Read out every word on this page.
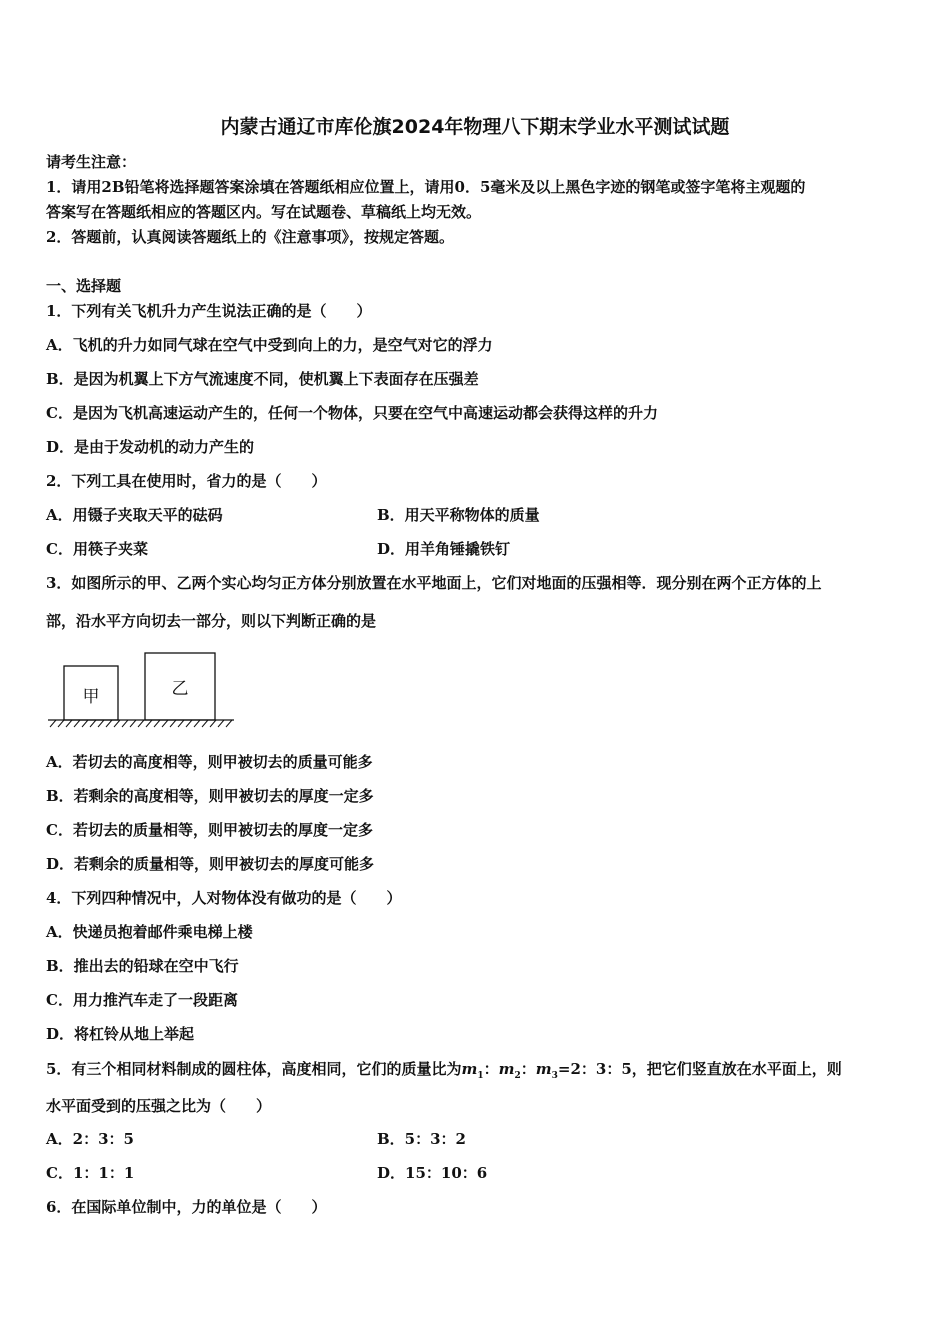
内蒙古通辽市库伦旗2024年物理八下期末学业水平测试试题
请考生注意：
1．请用2B铅笔将选择题答案涂填在答题纸相应位置上，请用0．5毫米及以上黑色字迹的钢笔或签字笔将主观题的
答案写在答题纸相应的答题区内。写在试题卷、草稿纸上均无效。
2．答题前，认真阅读答题纸上的《注意事项》，按规定答题。
一、选择题
1．下列有关飞机升力产生说法正确的是（　　）
A．飞机的升力如同气球在空气中受到向上的力，是空气对它的浮力
B．是因为机翼上下方气流速度不同，使机翼上下表面存在压强差
C．是因为飞机高速运动产生的，任何一个物体，只要在空气中高速运动都会获得这样的升力
D．是由于发动机的动力产生的
2．下列工具在使用时，省力的是（　　）
A．用镊子夹取天平的砝码	B．用天平称物体的质量
C．用筷子夹菜	D．用羊角锤撬铁钉
3．如图所示的甲、乙两个实心均匀正方体分别放置在水平地面上，它们对地面的压强相等．现分别在两个正方体的上
部，沿水平方向切去一部分，则以下判断正确的是
甲	乙
A．若切去的高度相等，则甲被切去的质量可能多
B．若剩余的高度相等，则甲被切去的厚度一定多
C．若切去的质量相等，则甲被切去的厚度一定多
D．若剩余的质量相等，则甲被切去的厚度可能多
4．下列四种情况中，人对物体没有做功的是（　　）
A．快递员抱着邮件乘电梯上楼
B．推出去的铅球在空中飞行
C．用力推汽车走了一段距离
D．将杠铃从地上举起
5．有三个相同材料制成的圆柱体，高度相同，它们的质量比为$m_1$：$m_2$：$m_3=2$：3：5，把它们竖直放在水平面上，则
水平面受到的压强之比为（　　）
A．2：3：5	B．5：3：2
C．1：1：1	D．15：10：6
6．在国际单位制中，力的单位是（　　）
